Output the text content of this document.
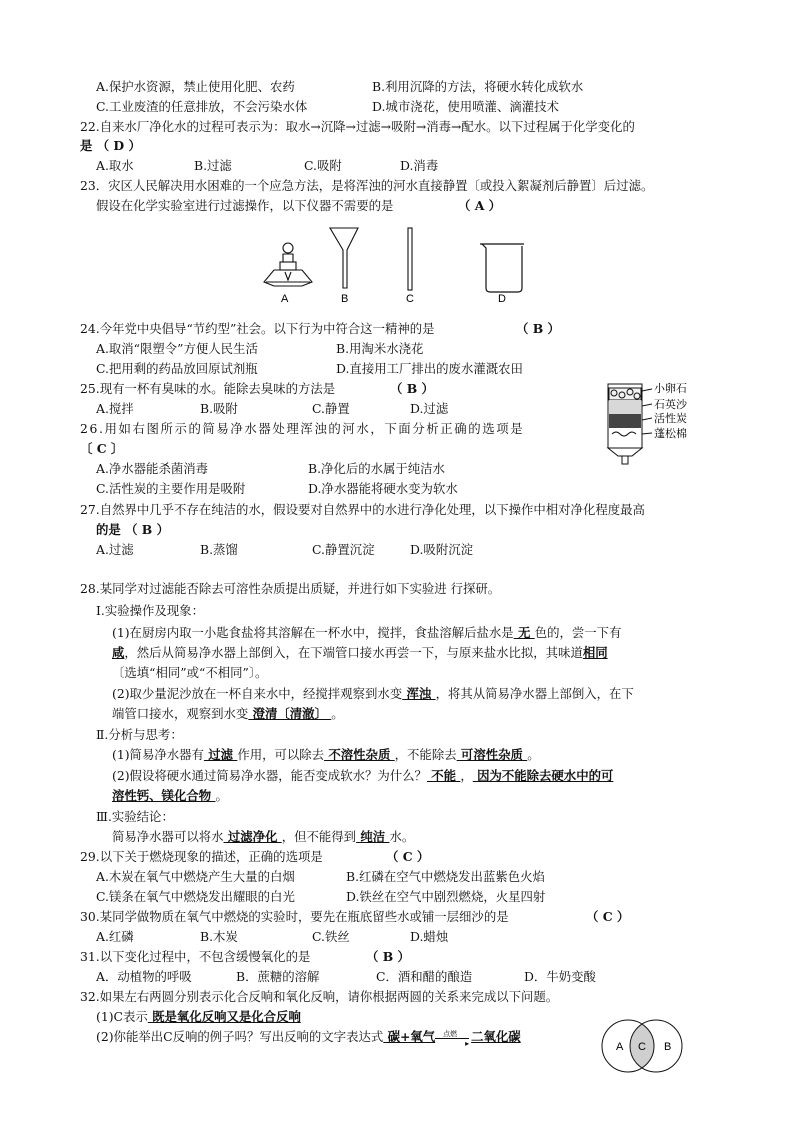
A.保护水资源，禁止使用化肥、农药	B.利用沉降的方法，将硬水转化成软水
C.工业废渣的任意排放，不会污染水体	D.城市浇花，使用喷灌、滴灌技术
22.自来水厂净化水的过程可表示为：取水→沉降→过滤→吸附→消毒→配水。以下过程属于化学变化的
是 （ D ）
A.取水	B.过滤	C.吸附	D.消毒
23．灾区人民解决用水困难的一个应急方法，是将浑浊的河水直接静置〔或投入絮凝剂后静置〕后过滤。
假设在化学实验室进行过滤操作，以下仪器不需要的是	（ A ）
A	B	C	D
24.今年党中央倡导“节约型”社会。以下行为中符合这一精神的是	（ B ）
A.取消“限塑令”方便人民生活	B.用淘米水浇花
C.把用剩的药品放回原试剂瓶	D.直接用工厂排出的废水灌溉农田
25.现有一杯有臭味的水。能除去臭味的方法是	（ B ）
A.搅拌	B.吸附	C.静置	D.过滤
小卵石
石英沙
活性炭
蓬松棉
26.用如右图所示的简易净水器处理浑浊的河水，下面分析正确的选项是
〔 C 〕
A.净水器能杀菌消毒	B.净化后的水属于纯洁水
C.活性炭的主要作用是吸附	D.净水器能将硬水变为软水
27.自然界中几乎不存在纯洁的水，假设要对自然界中的水进行净化处理，以下操作中相对净化程度最高
的是 （ B ）
A.过滤	B.蒸馏	C.静置沉淀	D.吸附沉淀
28.某同学对过滤能否除去可溶性杂质提出质疑，并进行如下实验进 行探研。
I.实验操作及现象：
(1)在厨房内取一小匙食盐将其溶解在一杯水中，搅拌，食盐溶解后盐水是 无 色的，尝一下有
咸，然后从简易净水器上部倒入，在下端管口接水再尝一下，与原来盐水比拟，其味道相同
〔选填“相同”或“不相同”〕。
(2)取少量泥沙放在一杯自来水中，经搅拌观察到水变 浑浊 ，将其从简易净水器上部倒入，在下
端管口接水，观察到水变 澄清〔清澈〕 。
Ⅱ.分析与思考：
(1)简易净水器有 过滤 作用，可以除去 不溶性杂质 ，不能除去 可溶性杂质 。
(2)假设将硬水通过简易净水器，能否变成软水？为什么？ 不能 ， 因为不能除去硬水中的可
溶性钙、镁化合物 。
Ⅲ.实验结论：
简易净水器可以将水 过滤净化 ，但不能得到 纯洁 水。
29.以下关于燃烧现象的描述，正确的选项是	（ C ）
A.木炭在氧气中燃烧产生大量的白烟	B.红磷在空气中燃烧发出蓝紫色火焰
C.镁条在氧气中燃烧发出耀眼的白光	D.铁丝在空气中剧烈燃烧，火星四射
30.某同学做物质在氧气中燃烧的实验时，要先在瓶底留些水或铺一层细沙的是	（ C ）
A.红磷	B.木炭	C.铁丝	D.蜡烛
31.以下变化过程中，不包含缓慢氧化的是	（ B ）
A．动植物的呼吸	B．蔗糖的溶解	C．酒和醋的酿造	D．牛奶变酸
32.如果左右两圆分别表示化合反响和氧化反响，请你根据两圆的关系来完成以下问题。
(1)C表示 既是氧化反响又是化合反响
(2)你能举出C反响的例子吗？写出反响的文字表达式 碳+氧气 点燃
▸ 二氧化碳
A C B
